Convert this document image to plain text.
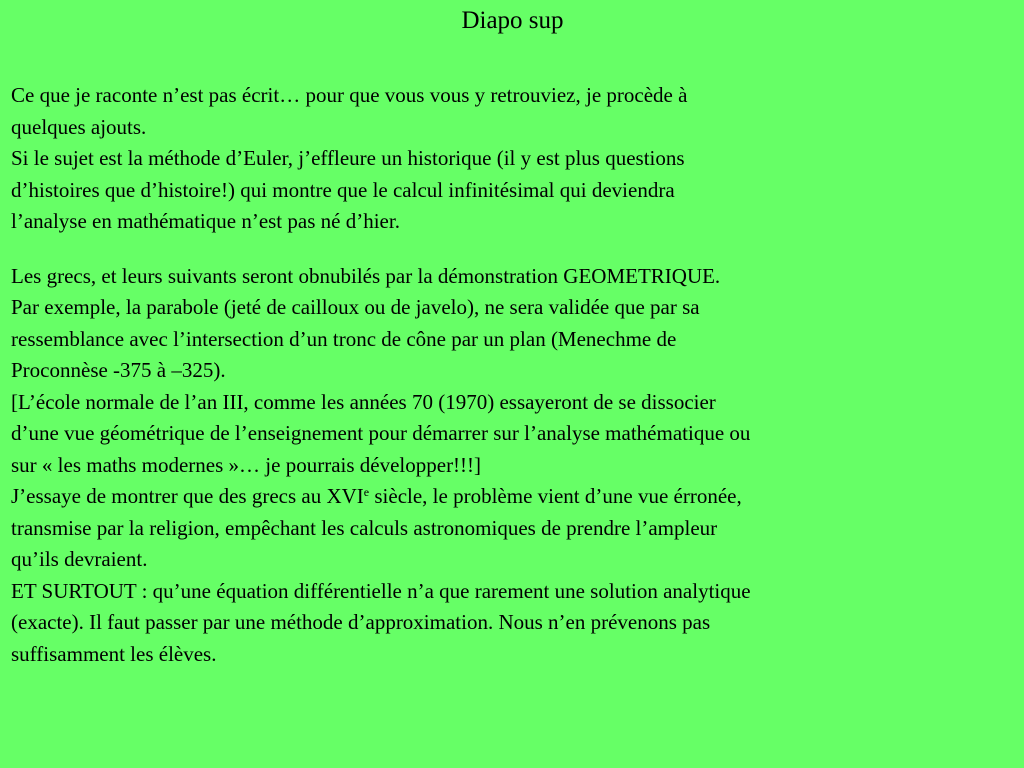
Diapo sup
Ce que je raconte n’est pas écrit… pour que vous vous y retrouviez, je procède à
quelques ajouts.
Si le sujet est la méthode d’Euler, j’effleure un historique (il y est plus questions
d’histoires que d’histoire!) qui montre que le calcul infinitésimal qui deviendra
l’analyse en mathématique n’est pas né d’hier.
Les grecs, et leurs suivants seront obnubilés par la démonstration GEOMETRIQUE.
Par exemple, la parabole (jeté de cailloux ou de javelo), ne sera validée que par sa
ressemblance avec l’intersection d’un tronc de cône par un plan (Menechme de
Proconnèse -375 à –325).
[L’école normale de l’an III, comme les années 70 (1970) essayeront de se dissocier
d’une vue géométrique de l’enseignement pour démarrer sur l’analyse mathématique ou
sur « les maths modernes »… je pourrais développer!!!]
J’essaye de montrer que des grecs au XVIe siècle, le problème vient d’une vue érronée,
transmise par la religion, empêchant les calculs astronomiques de prendre l’ampleur
qu’ils devraient.
ET SURTOUT : qu’une équation différentielle n’a que rarement une solution analytique
(exacte). Il faut passer par une méthode d’approximation. Nous n’en prévenons pas
suffisamment les élèves.
